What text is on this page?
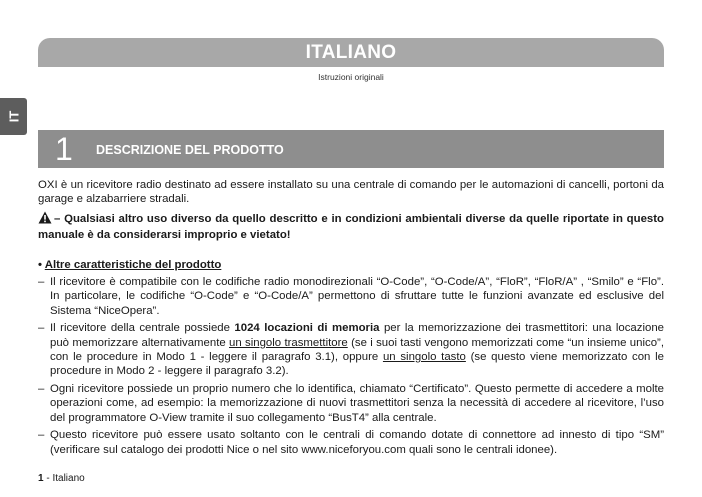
ITALIANO
Istruzioni originali
IT
1 DESCRIZIONE DEL PRODOTTO

OXI è un ricevitore radio destinato ad essere installato su una centrale di comando per le automazioni di cancelli, portoni da garage e alzabarriere stradali.

– Qualsiasi altro uso diverso da quello descritto e in condizioni ambientali diverse da quelle riportate in questo manuale è da considerarsi improprio e vietato!

• Altre caratteristiche del prodotto

– Il ricevitore è compatibile con le codifiche radio monodirezionali “O-Code”, “O-Code/A”, “FloR”, “FloR/A” , “Smilo” e “Flo”. In particolare, le codifiche “O-Code” e “O-Code/A” permettono di sfruttare tutte le funzioni avanzate ed esclusive del Sistema “NiceOpera”.
– Il ricevitore della centrale possiede 1024 locazioni di memoria per la memorizzazione dei trasmettitori: una locazione può memorizzare alternativamente un singolo trasmettitore (se i suoi tasti vengono memorizzati come “un insieme unico”, con le procedure in Modo 1 - leggere il paragrafo 3.1), oppure un singolo tasto (se questo viene memorizzato con le procedure in Modo 2 - leggere il paragrafo 3.2).
– Ogni ricevitore possiede un proprio numero che lo identifica, chiamato “Certificato”. Questo permette di accedere a molte operazioni come, ad esempio: la memorizzazione di nuovi trasmettitori senza la necessità di accedere al ricevitore, l’uso del programmatore O-View tramite il suo collegamento “BusT4” alla centrale.
– Questo ricevitore può essere usato soltanto con le centrali di comando dotate di connettore ad innesto di tipo “SM” (verificare sul catalogo dei prodotti Nice o nel sito www.niceforyou.com quali sono le centrali idonee).
1 - Italiano
